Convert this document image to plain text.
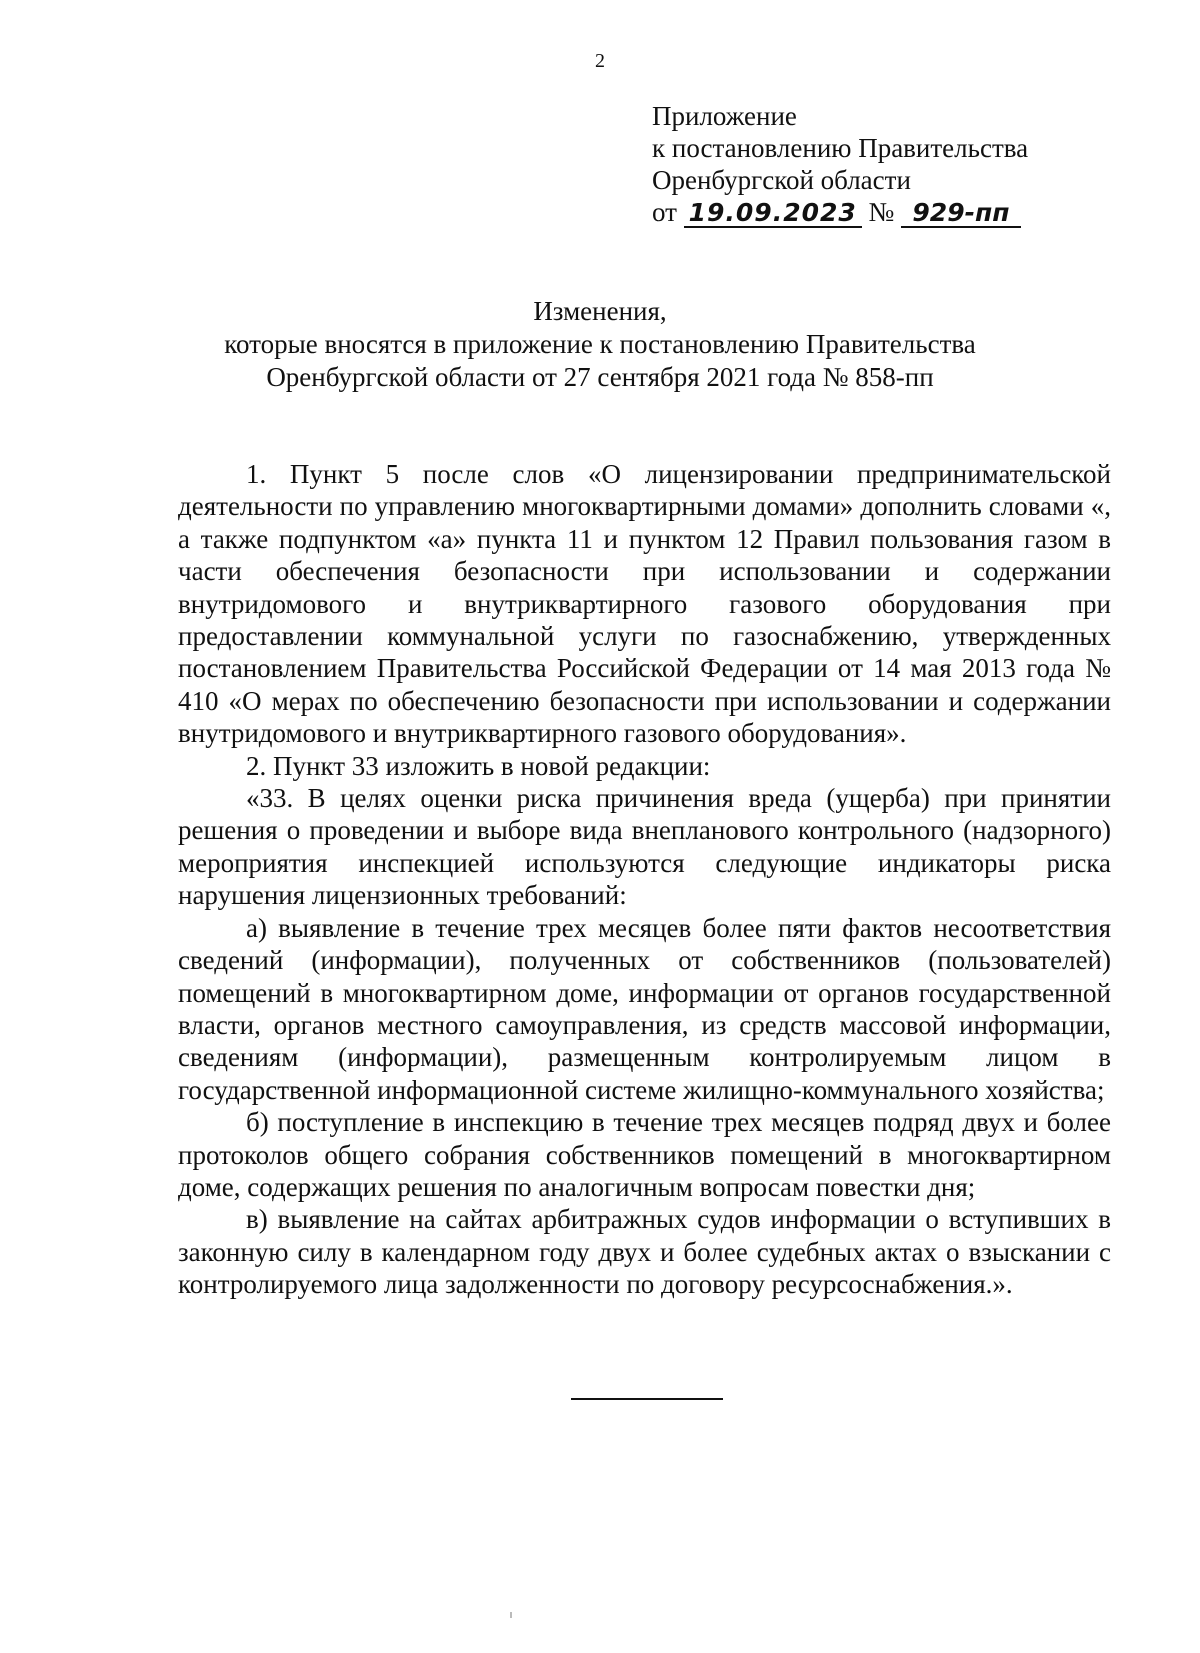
2
Приложение
к постановлению Правительства
Оренбургской области
от 19.09.2023 № 929-пп
Изменения,
которые вносятся в приложение к постановлению Правительства
Оренбургской области от 27 сентября 2021 года № 858-пп

1. Пункт 5 после слов «О лицензировании предпринимательской деятельности по управлению многоквартирными домами» дополнить словами «, а также подпунктом «а» пункта 11 и пунктом 12 Правил пользования газом в части обеспечения безопасности при использовании и содержании внутридомового и внутриквартирного газового оборудования при предоставлении коммунальной услуги по газоснабжению, утвержденных постановлением Правительства Российской Федерации от 14 мая 2013 года № 410 «О мерах по обеспечению безопасности при использовании и содержании внутридомового и внутриквартирного газового оборудования».

2. Пункт 33 изложить в новой редакции:

«33. В целях оценки риска причинения вреда (ущерба) при принятии решения о проведении и выборе вида внепланового контрольного (надзорного) мероприятия инспекцией используются следующие индикаторы риска нарушения лицензионных требований:

а) выявление в течение трех месяцев более пяти фактов несоответствия сведений (информации), полученных от собственников (пользователей) помещений в многоквартирном доме, информации от органов государственной власти, органов местного самоуправления, из средств массовой информации, сведениям (информации), размещенным контролируемым лицом в государственной информационной системе жилищно-коммунального хозяйства;

б) поступление в инспекцию в течение трех месяцев подряд двух и более протоколов общего собрания собственников помещений в многоквартирном доме, содержащих решения по аналогичным вопросам повестки дня;

в) выявление на сайтах арбитражных судов информации о вступивших в законную силу в календарном году двух и более судебных актах о взыскании с контролируемого лица задолженности по договору ресурсоснабжения.».
